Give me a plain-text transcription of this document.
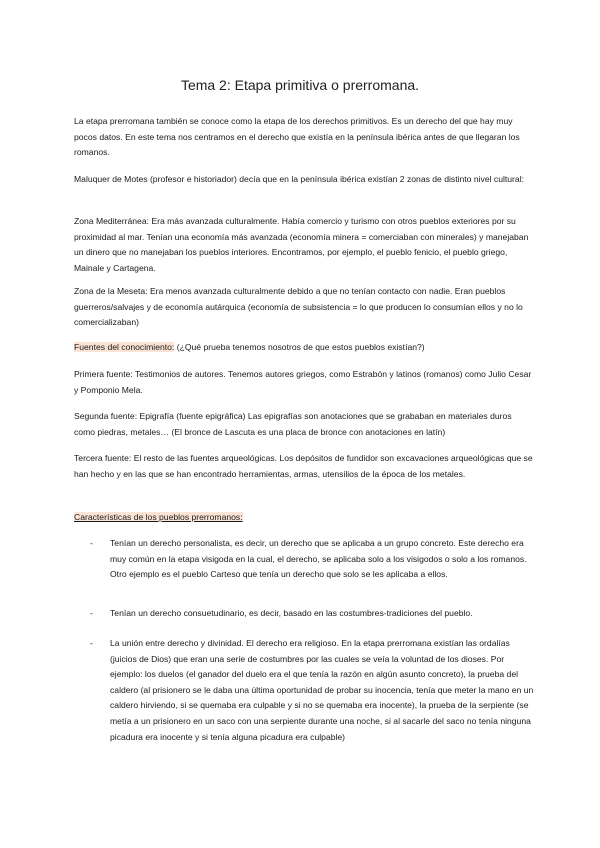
Tema 2: Etapa primitiva o prerromana.

La etapa prerromana también se conoce como la etapa de los derechos primitivos. Es un derecho del que hay muy pocos datos. En este tema nos centramos en el derecho que existía en la península ibérica antes de que llegaran los romanos.

Maluquer de Motes (profesor e historiador) decía que en la península ibérica existían 2 zonas de distinto nivel cultural:

Zona Mediterránea: Era más avanzada culturalmente. Había comercio y turismo con otros pueblos exteriores por su proximidad al mar. Tenían una economía más avanzada (economía minera = comerciaban con minerales) y manejaban un dinero que no manejaban los pueblos interiores. Encontramos, por ejemplo, el pueblo fenicio, el pueblo griego, Mainale y Cartagena.

Zona de la Meseta: Era menos avanzada culturalmente debido a que no tenían contacto con nadie. Eran pueblos guerreros/salvajes y de economía autárquica (economía de subsistencia = lo que producen lo consumían ellos y no lo comercializaban)

Fuentes del conocimiento: (¿Qué prueba tenemos nosotros de que estos pueblos existían?)

Primera fuente: Testimonios de autores. Tenemos autores griegos, como Estrabón y latinos (romanos) como Julio Cesar y Pomponio Mela.

Segunda fuente: Epigrafía (fuente epigráfica) Las epigrafías son anotaciones que se grababan en materiales duros como piedras, metales… (El bronce de Lascuta es una placa de bronce con anotaciones en latín)

Tercera fuente: El resto de las fuentes arqueológicas. Los depósitos de fundidor son excavaciones arqueológicas que se han hecho y en las que se han encontrado herramientas, armas, utensilios de la época de los metales.

Características de los pueblos prerromanos:

- Tenían un derecho personalista, es decir, un derecho que se aplicaba a un grupo concreto. Este derecho era muy común en la etapa visigoda en la cual, el derecho, se aplicaba solo a los visigodos o solo a los romanos. Otro ejemplo es el pueblo Carteso que tenía un derecho que solo se les aplicaba a ellos.
- Tenían un derecho consuetudinario, es decir, basado en las costumbres-tradiciones del pueblo.
- La unión entre derecho y divinidad. El derecho era religioso. En la etapa prerromana existían las ordalías (juicios de Dios) que eran una serie de costumbres por las cuales se veía la voluntad de los dioses. Por ejemplo: los duelos (el ganador del duelo era el que tenía la razón en algún asunto concreto), la prueba del caldero (al prisionero se le daba una última oportunidad de probar su inocencia, tenía que meter la mano en un caldero hirviendo, si se quemaba era culpable y si no se quemaba era inocente), la prueba de la serpiente (se metía a un prisionero en un saco con una serpiente durante una noche, si al sacarle del saco no tenía ninguna picadura era inocente y si tenía alguna picadura era culpable)
